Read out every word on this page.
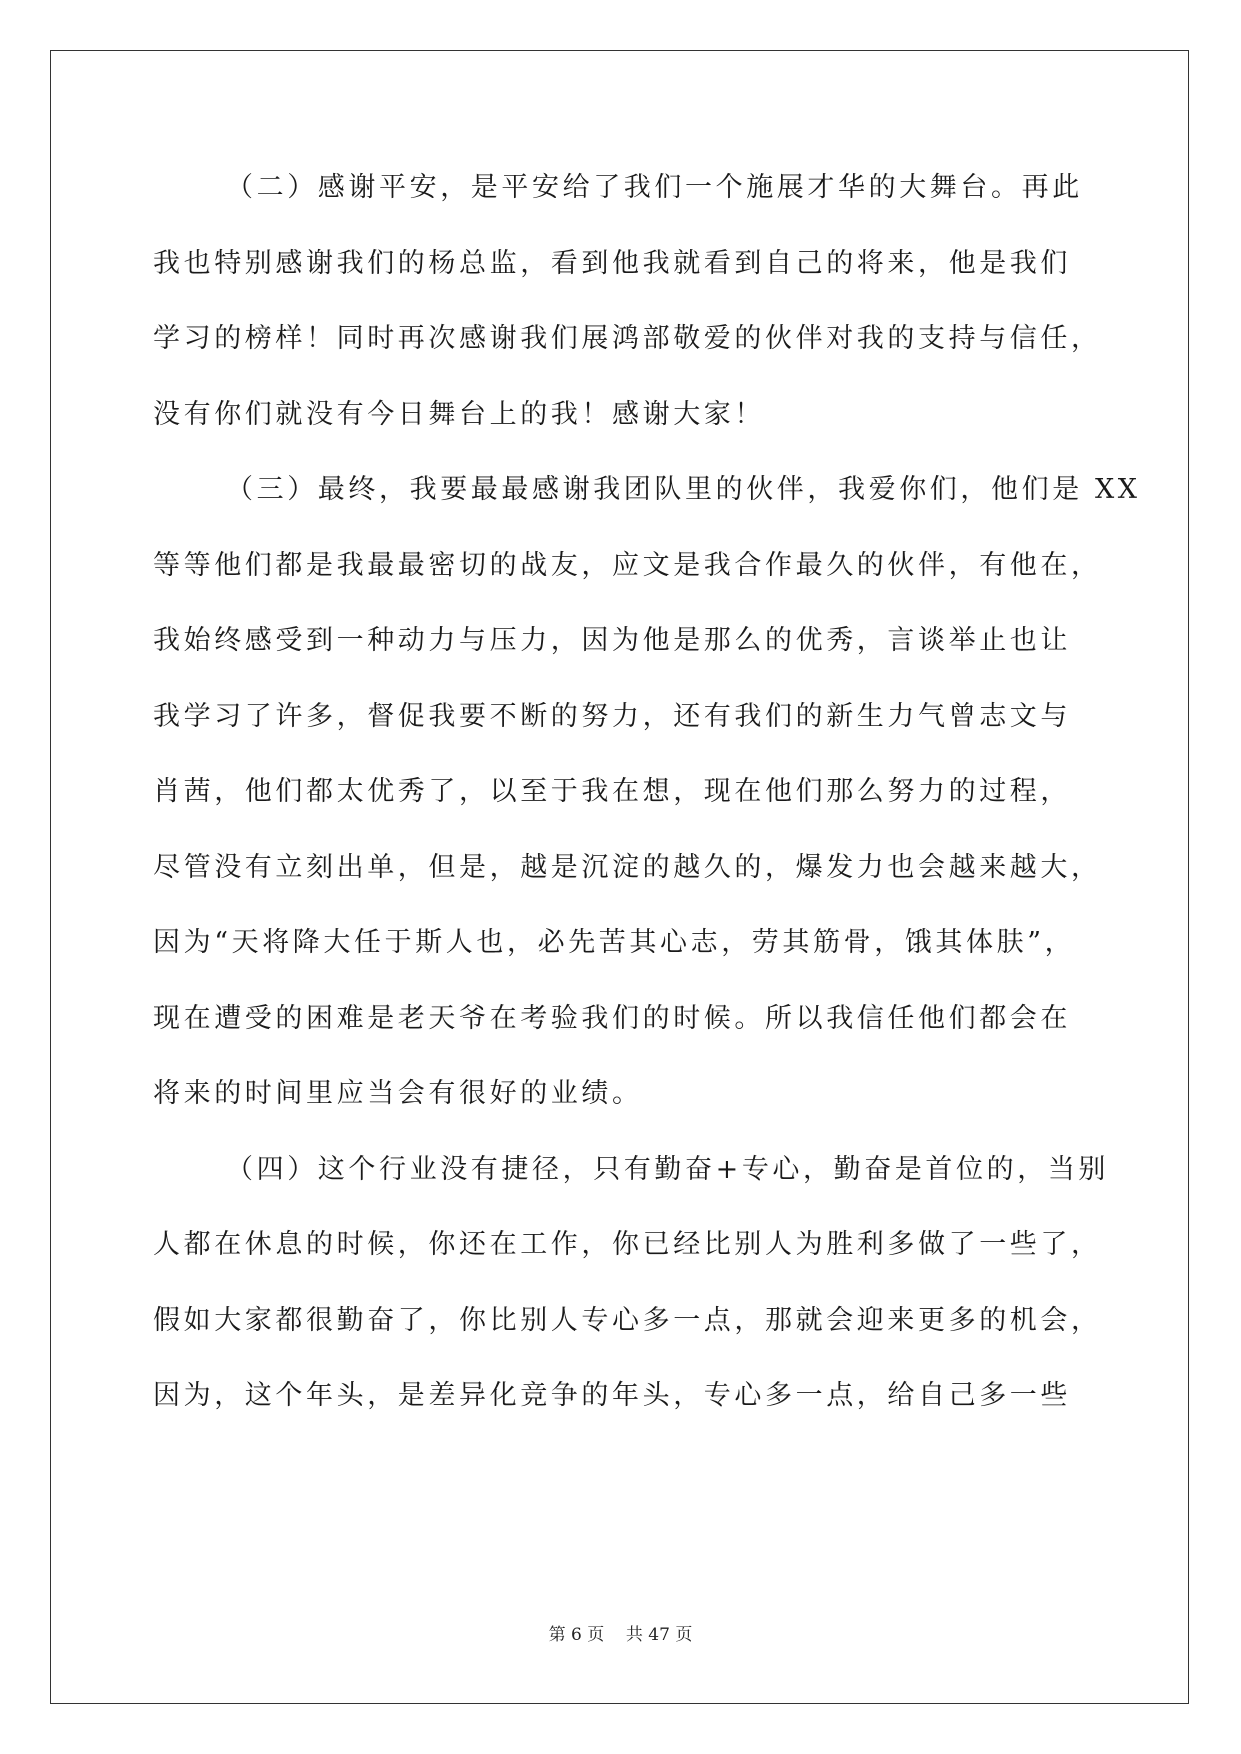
（二）感谢平安，是平安给了我们一个施展才华的大舞台。再此
我也特别感谢我们的杨总监，看到他我就看到自己的将来，他是我们
学习的榜样！同时再次感谢我们展鸿部敬爱的伙伴对我的支持与信任，
没有你们就没有今日舞台上的我！感谢大家！
（三）最终，我要最最感谢我团队里的伙伴，我爱你们，他们是 XX
等等他们都是我最最密切的战友，应文是我合作最久的伙伴，有他在，
我始终感受到一种动力与压力，因为他是那么的优秀，言谈举止也让
我学习了许多，督促我要不断的努力，还有我们的新生力气曾志文与
肖茜，他们都太优秀了，以至于我在想，现在他们那么努力的过程，
尽管没有立刻出单，但是，越是沉淀的越久的，爆发力也会越来越大，
因为“天将降大任于斯人也，必先苦其心志，劳其筋骨，饿其体肤”，
现在遭受的困难是老天爷在考验我们的时候。所以我信任他们都会在
将来的时间里应当会有很好的业绩。
（四）这个行业没有捷径，只有勤奋+专心，勤奋是首位的，当别
人都在休息的时候，你还在工作，你已经比别人为胜利多做了一些了，
假如大家都很勤奋了，你比别人专心多一点，那就会迎来更多的机会，
因为，这个年头，是差异化竞争的年头，专心多一点，给自己多一些
第 6 页    共 47 页
